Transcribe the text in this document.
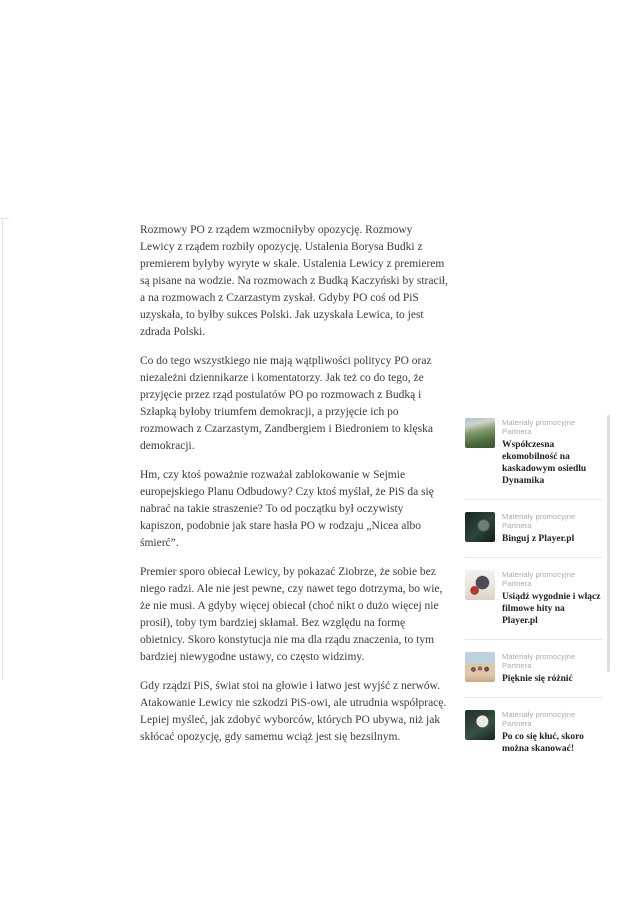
Rozmowy PO z rządem wzmocniłyby opozycję. Rozmowy Lewicy z rządem rozbiły opozycję. Ustalenia Borysa Budki z premierem byłyby wyryte w skale. Ustalenia Lewicy z premierem są pisane na wodzie. Na rozmowach z Budką Kaczyński by stracił, a na rozmowach z Czarzastym zyskał. Gdyby PO coś od PiS uzyskała, to byłby sukces Polski. Jak uzyskała Lewica, to jest zdrada Polski.

Co do tego wszystkiego nie mają wątpliwości politycy PO oraz niezależni dziennikarze i komentatorzy. Jak też co do tego, że przyjęcie przez rząd postulatów PO po rozmowach z Budką i Szłapką byłoby triumfem demokracji, a przyjęcie ich po rozmowach z Czarzastym, Zandbergiem i Biedroniem to klęska demokracji.

Hm, czy ktoś poważnie rozważał zablokowanie w Sejmie europejskiego Planu Odbudowy? Czy ktoś myślał, że PiS da się nabrać na takie straszenie? To od początku był oczywisty kapiszon, podobnie jak stare hasła PO w rodzaju „Nicea albo śmierć”.

Premier sporo obiecał Lewicy, by pokazać Ziobrze, że sobie bez niego radzi. Ale nie jest pewne, czy nawet tego dotrzyma, bo wie, że nie musi. A gdyby więcej obiecał (choć nikt o dużo więcej nie prosił), toby tym bardziej skłamał. Bez względu na formę obietnicy. Skoro konstytucja nie ma dla rządu znaczenia, to tym bardziej niewygodne ustawy, co często widzimy.

Gdy rządzi PiS, świat stoi na głowie i łatwo jest wyjść z nerwów. Atakowanie Lewicy nie szkodzi PiS-owi, ale utrudnia współpracę. Lepiej myśleć, jak zdobyć wyborców, których PO ubywa, niż jak skłócać opozycję, gdy samemu wciąż jest się bezsilnym.

Materiały promocyjne Partnera
Współczesna ekomobilność na kaskadowym osiedlu Dynamika
Materiały promocyjne Partnera
Binguj z Player.pl
Materiały promocyjne Partnera
Usiądź wygodnie i włącz filmowe hity na Player.pl
Materiały promocyjne Partnera
Pięknie się różnić
Materiały promocyjne Partnera
Po co się kłuć, skoro można skanować!
